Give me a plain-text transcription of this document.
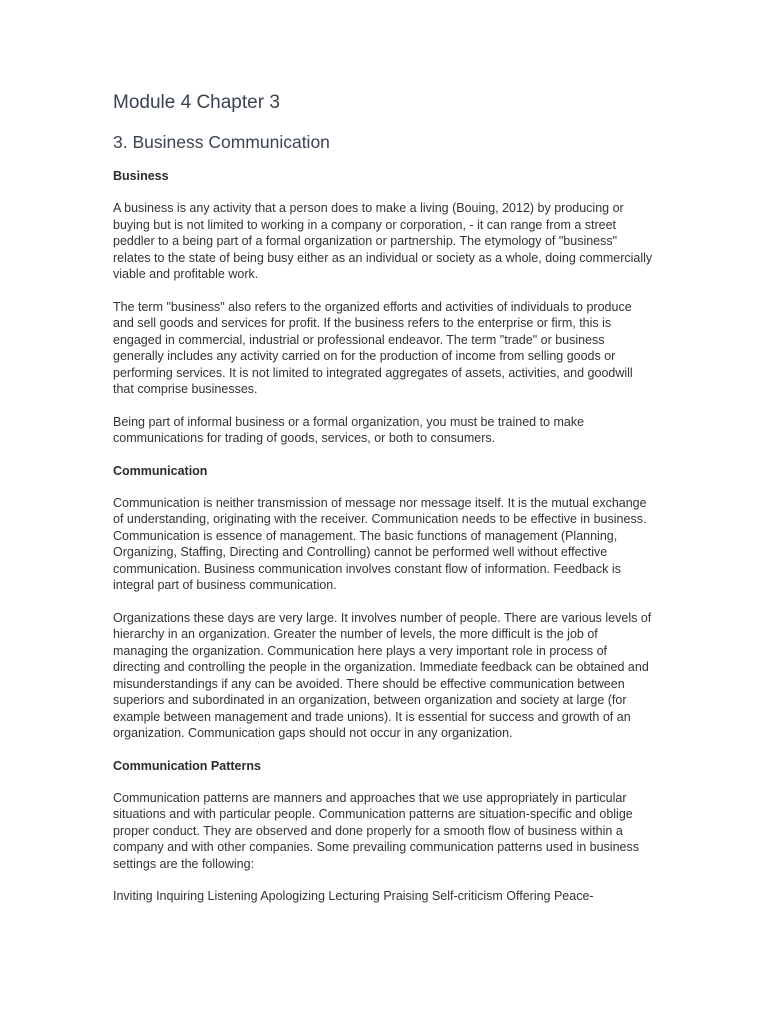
Module 4 Chapter 3
3. Business Communication
Business

A business is any activity that a person does to make a living (Bouing, 2012) by producing or buying but is not limited to working in a company or corporation, - it can range from a street peddler to a being part of a formal organization or partnership. The etymology of "business" relates to the state of being busy either as an individual or society as a whole, doing commercially viable and profitable work.

The term "business" also refers to the organized efforts and activities of individuals to produce and sell goods and services for profit. If the business refers to the enterprise or firm, this is engaged in commercial, industrial or professional endeavor. The term "trade" or business generally includes any activity carried on for the production of income from selling goods or performing services. It is not limited to integrated aggregates of assets, activities, and goodwill that comprise businesses.

Being part of informal business or a formal organization, you must be trained to make communications for trading of goods, services, or both to consumers.

Communication

Communication is neither transmission of message nor message itself. It is the mutual exchange of understanding, originating with the receiver. Communication needs to be effective in business. Communication is essence of management. The basic functions of management (Planning, Organizing, Staffing, Directing and Controlling) cannot be performed well without effective communication. Business communication involves constant flow of information. Feedback is integral part of business communication.

Organizations these days are very large. It involves number of people. There are various levels of hierarchy in an organization. Greater the number of levels, the more difficult is the job of managing the organization. Communication here plays a very important role in process of directing and controlling the people in the organization. Immediate feedback can be obtained and misunderstandings if any can be avoided. There should be effective communication between superiors and subordinated in an organization, between organization and society at large (for example between management and trade unions). It is essential for success and growth of an organization. Communication gaps should not occur in any organization.

Communication Patterns

Communication patterns are manners and approaches that we use appropriately in particular situations and with particular people. Communication patterns are situation-specific and oblige proper conduct. They are observed and done properly for a smooth flow of business within a company and with other companies. Some prevailing communication patterns used in business settings are the following:

Inviting Inquiring Listening Apologizing Lecturing Praising Self-criticism Offering Peace-
